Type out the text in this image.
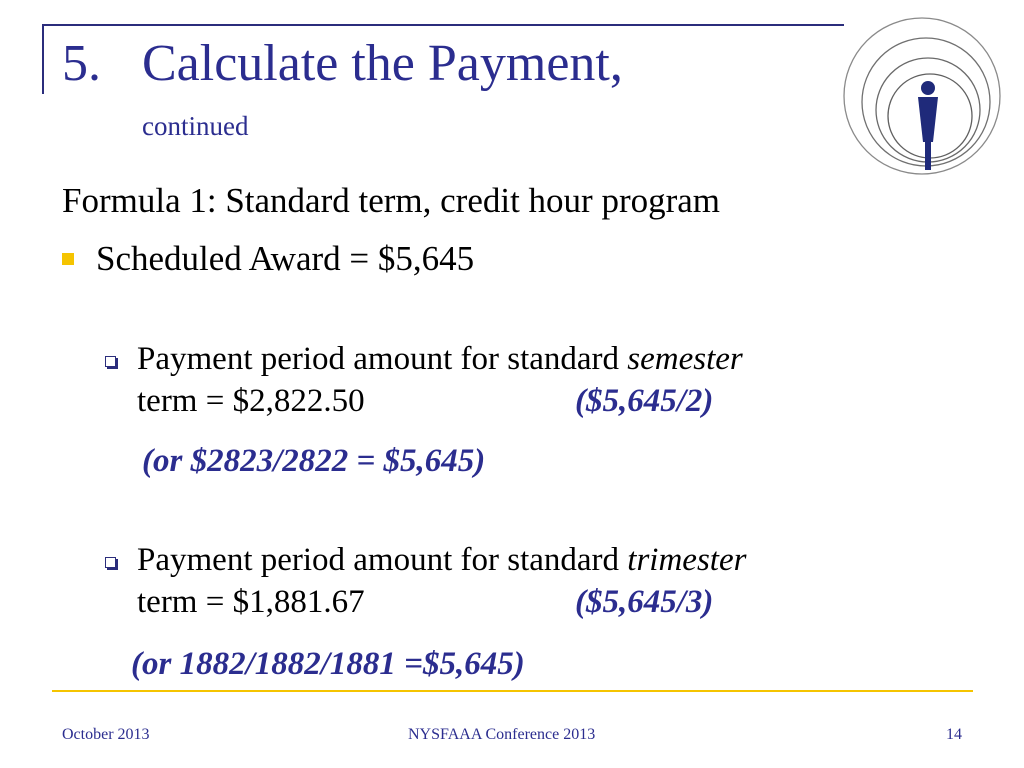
5. Calculate the Payment,
continued
Formula 1: Standard term, credit hour program
Scheduled Award = $5,645
Payment period amount for standard semester
term = $2,822.50	($5,645/2)
(or $2823/2822 = $5,645)
Payment period amount for standard trimester
term = $1,881.67	($5,645/3)
(or 1882/1882/1881 =$5,645)
October 2013	NYSFAAA Conference 2013	14
